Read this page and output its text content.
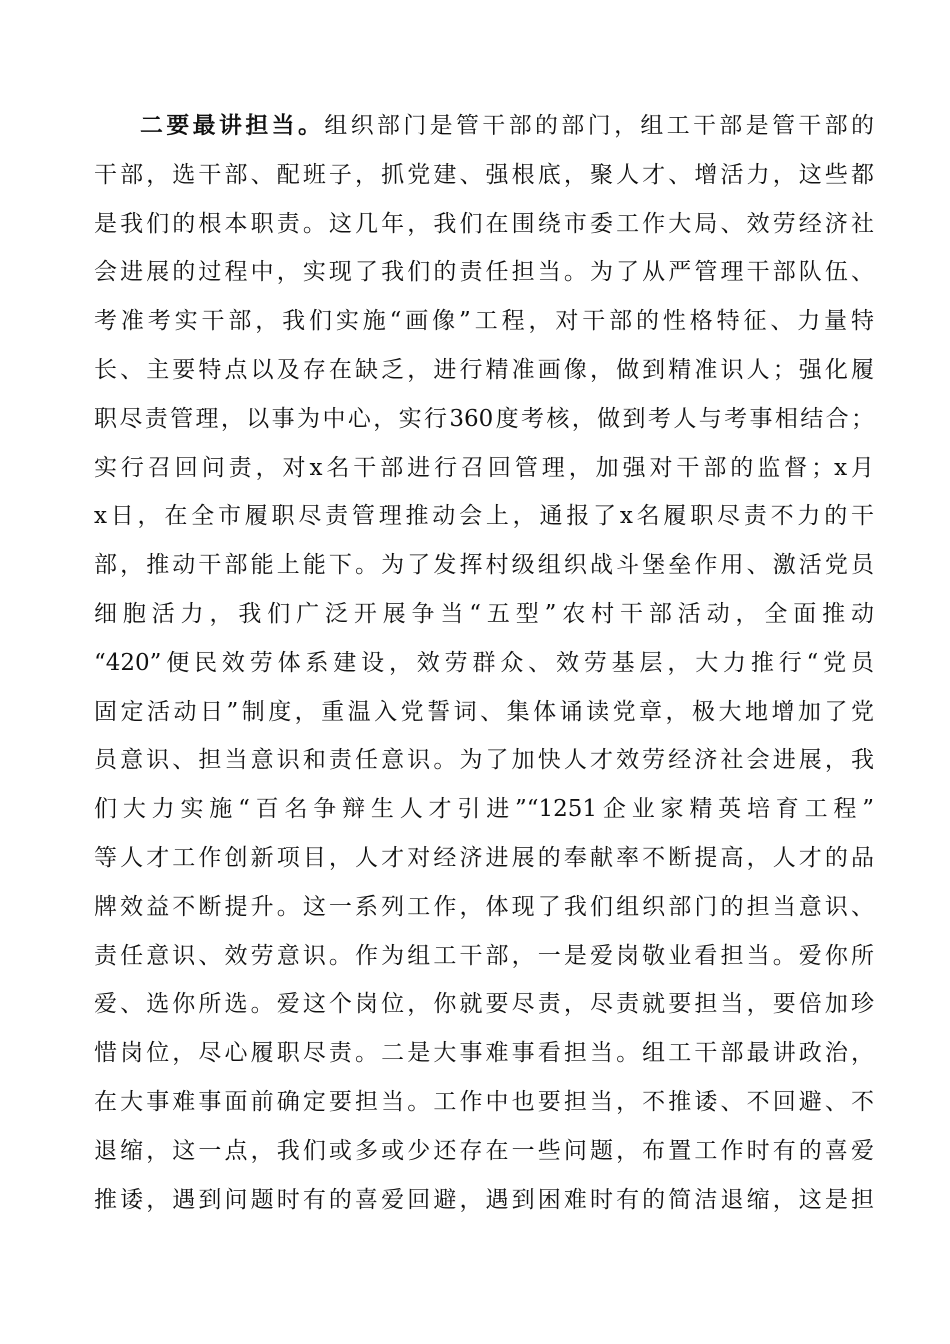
二要最讲担当。组织部门是管干部的部门，组工干部是管干部的
干部，选干部、配班子，抓党建、强根底，聚人才、增活力，这些都
是我们的根本职责。这几年，我们在围绕市委工作大局、效劳经济社
会进展的过程中，实现了我们的责任担当。为了从严管理干部队伍、
考准考实干部，我们实施“画像”工程，对干部的性格特征、力量特
长、主要特点以及存在缺乏，进行精准画像，做到精准识人；强化履
职尽责管理，以事为中心，实行360度考核，做到考人与考事相结合；
实行召回问责，对x名干部进行召回管理，加强对干部的监督；x月
x日，在全市履职尽责管理推动会上，通报了x名履职尽责不力的干
部，推动干部能上能下。为了发挥村级组织战斗堡垒作用、激活党员
细胞活力，我们广泛开展争当“五型”农村干部活动，全面推动
“420”便民效劳体系建设，效劳群众、效劳基层，大力推行“党员
固定活动日”制度，重温入党誓词、集体诵读党章，极大地增加了党
员意识、担当意识和责任意识。为了加快人才效劳经济社会进展，我
们大力实施“百名争辩生人才引进”“1251企业家精英培育工程”
等人才工作创新项目，人才对经济进展的奉献率不断提高，人才的品
牌效益不断提升。这一系列工作，体现了我们组织部门的担当意识、
责任意识、效劳意识。作为组工干部，一是爱岗敬业看担当。爱你所
爱、选你所选。爱这个岗位，你就要尽责，尽责就要担当，要倍加珍
惜岗位，尽心履职尽责。二是大事难事看担当。组工干部最讲政治，
在大事难事面前确定要担当。工作中也要担当，不推诿、不回避、不
退缩，这一点，我们或多或少还存在一些问题，布置工作时有的喜爱
推诿，遇到问题时有的喜爱回避，遇到困难时有的简洁退缩，这是担
